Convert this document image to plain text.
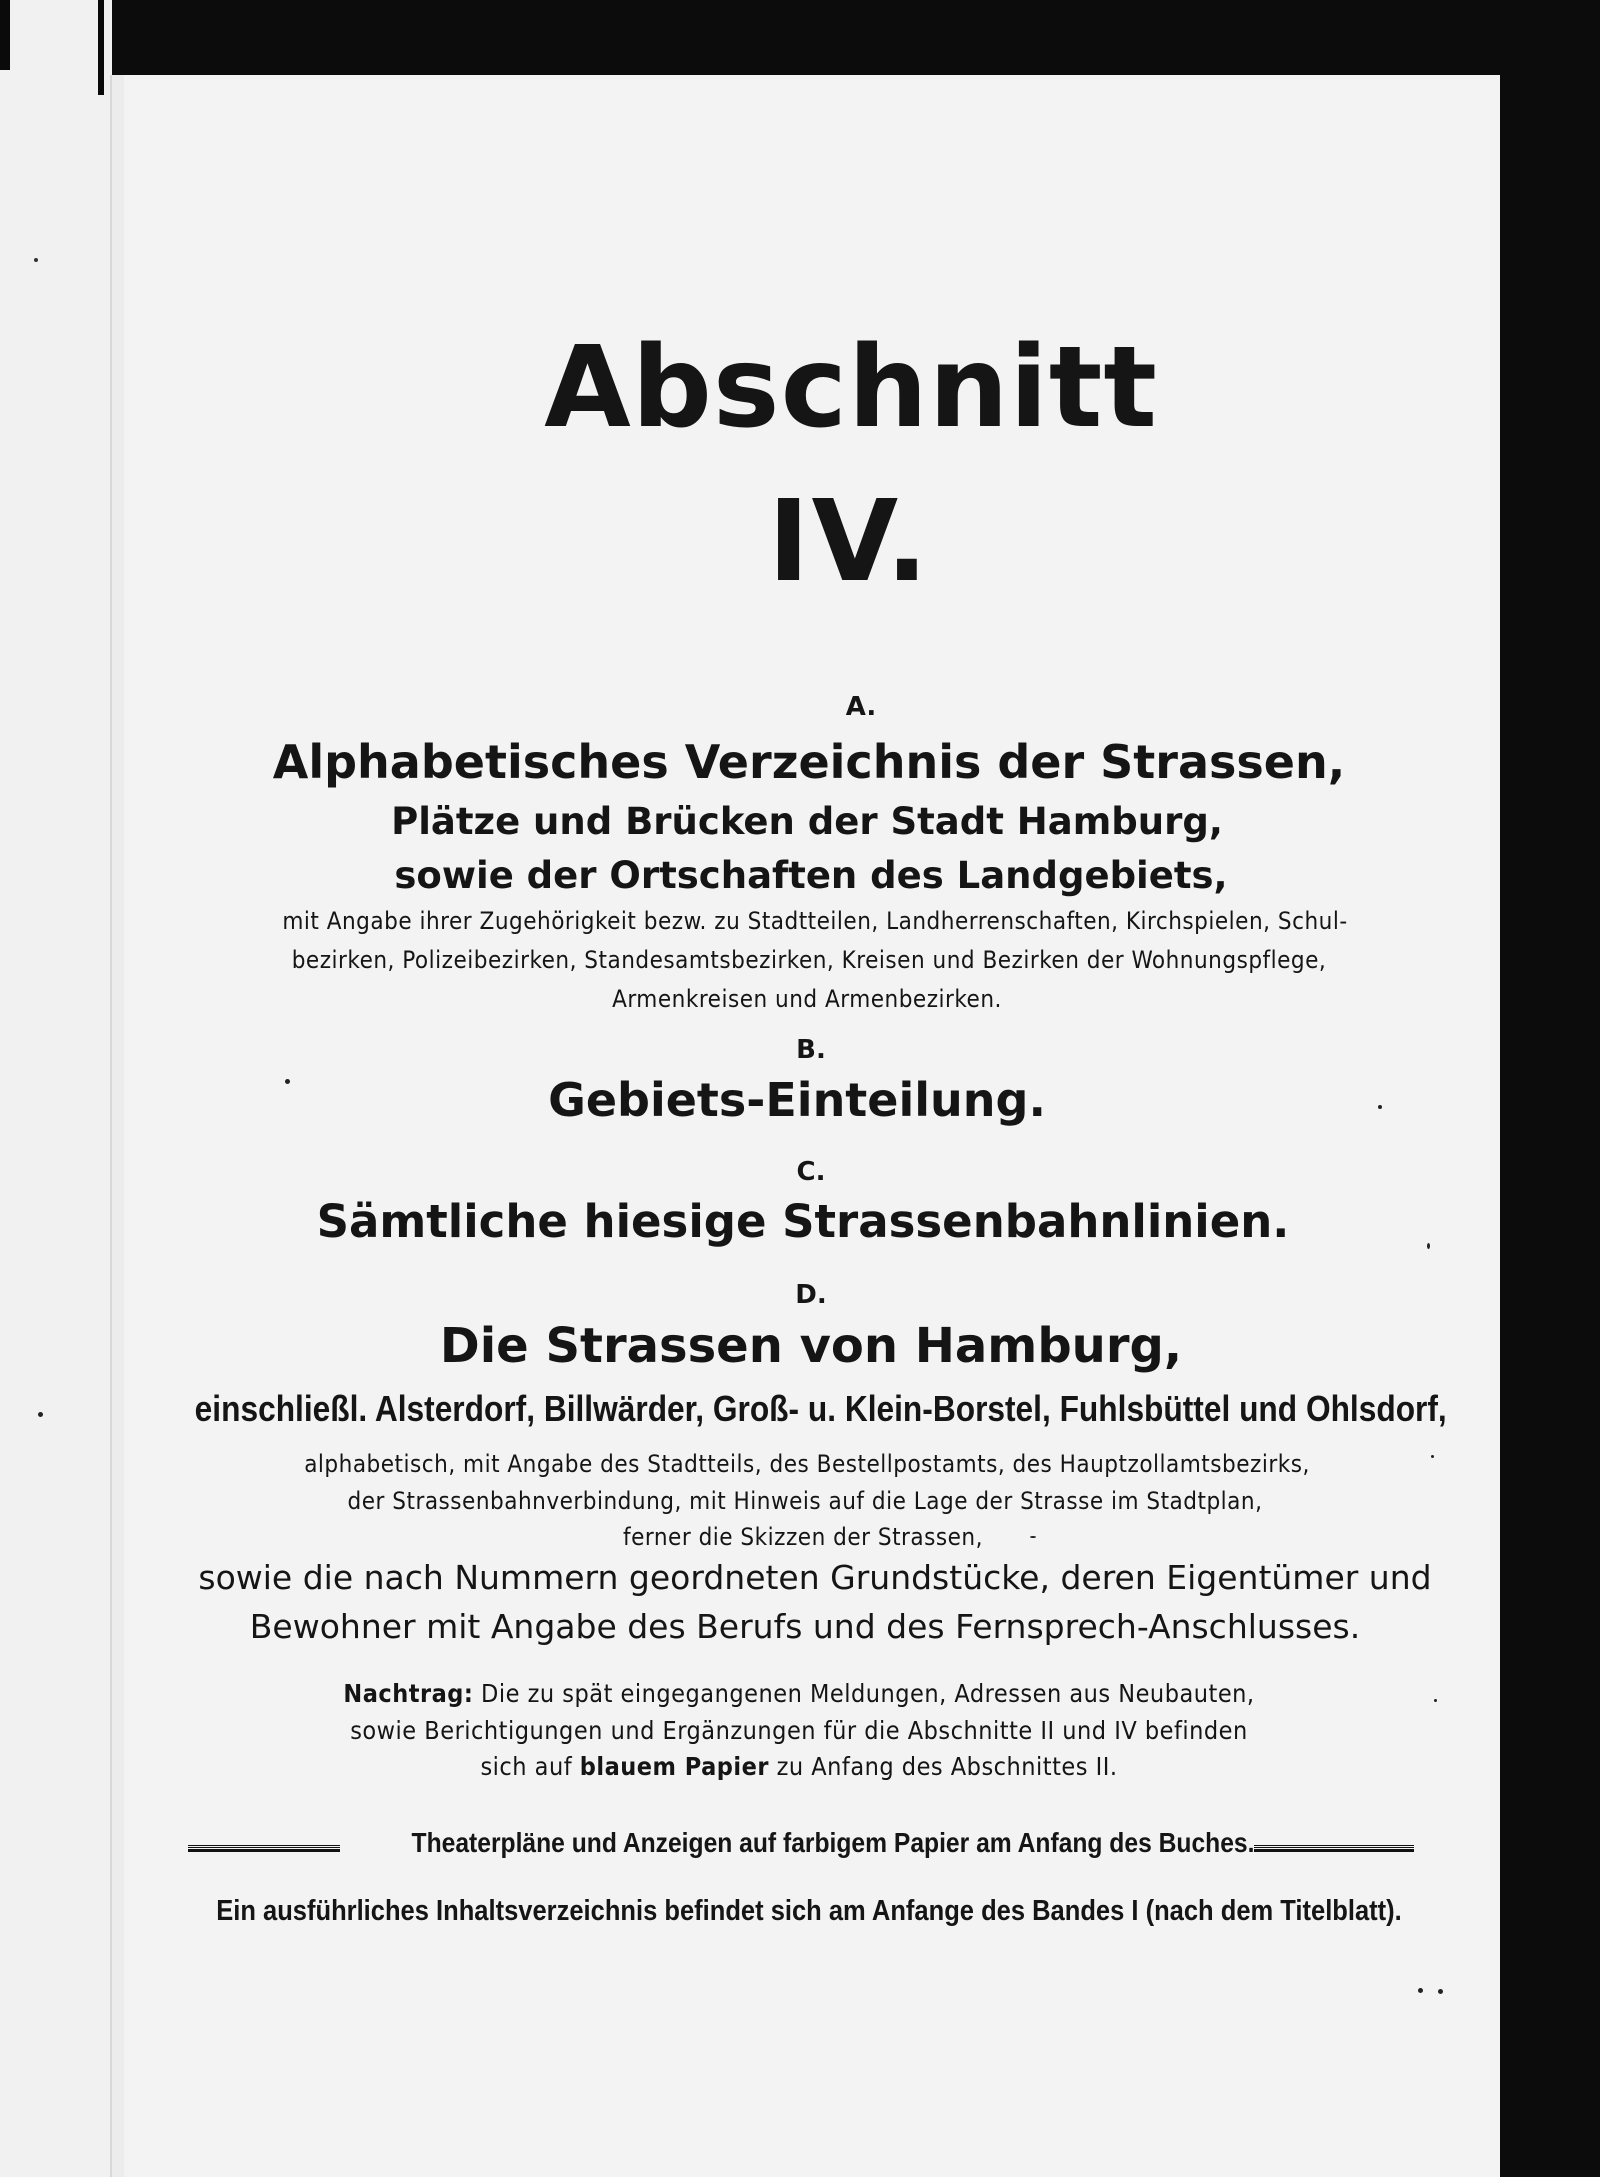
Abschnitt
IV.
A.
Alphabetisches Verzeichnis der Strassen,
Plätze und Brücken der Stadt Hamburg,
sowie der Ortschaften des Landgebiets,
mit Angabe ihrer Zugehörigkeit bezw. zu Stadtteilen, Landherrenschaften, Kirchspielen, Schul-
bezirken, Polizeibezirken, Standesamtsbezirken, Kreisen und Bezirken der Wohnungspflege,
Armenkreisen und Armenbezirken.
B.
Gebiets-Einteilung.
C.
Sämtliche hiesige Strassenbahnlinien.
D.
Die Strassen von Hamburg,
einschließl. Alsterdorf, Billwärder, Groß- u. Klein-Borstel, Fuhlsbüttel und Ohlsdorf,
alphabetisch, mit Angabe des Stadtteils, des Bestellpostamts, des Hauptzollamtsbezirks,
der Strassenbahnverbindung, mit Hinweis auf die Lage der Strasse im Stadtplan,
ferner die Skizzen der Strassen,
sowie die nach Nummern geordneten Grundstücke, deren Eigentümer und
Bewohner mit Angabe des Berufs und des Fernsprech-Anschlusses.
Nachtrag: Die zu spät eingegangenen Meldungen, Adressen aus Neubauten,
sowie Berichtigungen und Ergänzungen für die Abschnitte II und IV befinden
sich auf blauem Papier zu Anfang des Abschnittes II.
Theaterpläne und Anzeigen auf farbigem Papier am Anfang des Buches.
Ein ausführliches Inhaltsverzeichnis befindet sich am Anfange des Bandes I (nach dem Titelblatt).
